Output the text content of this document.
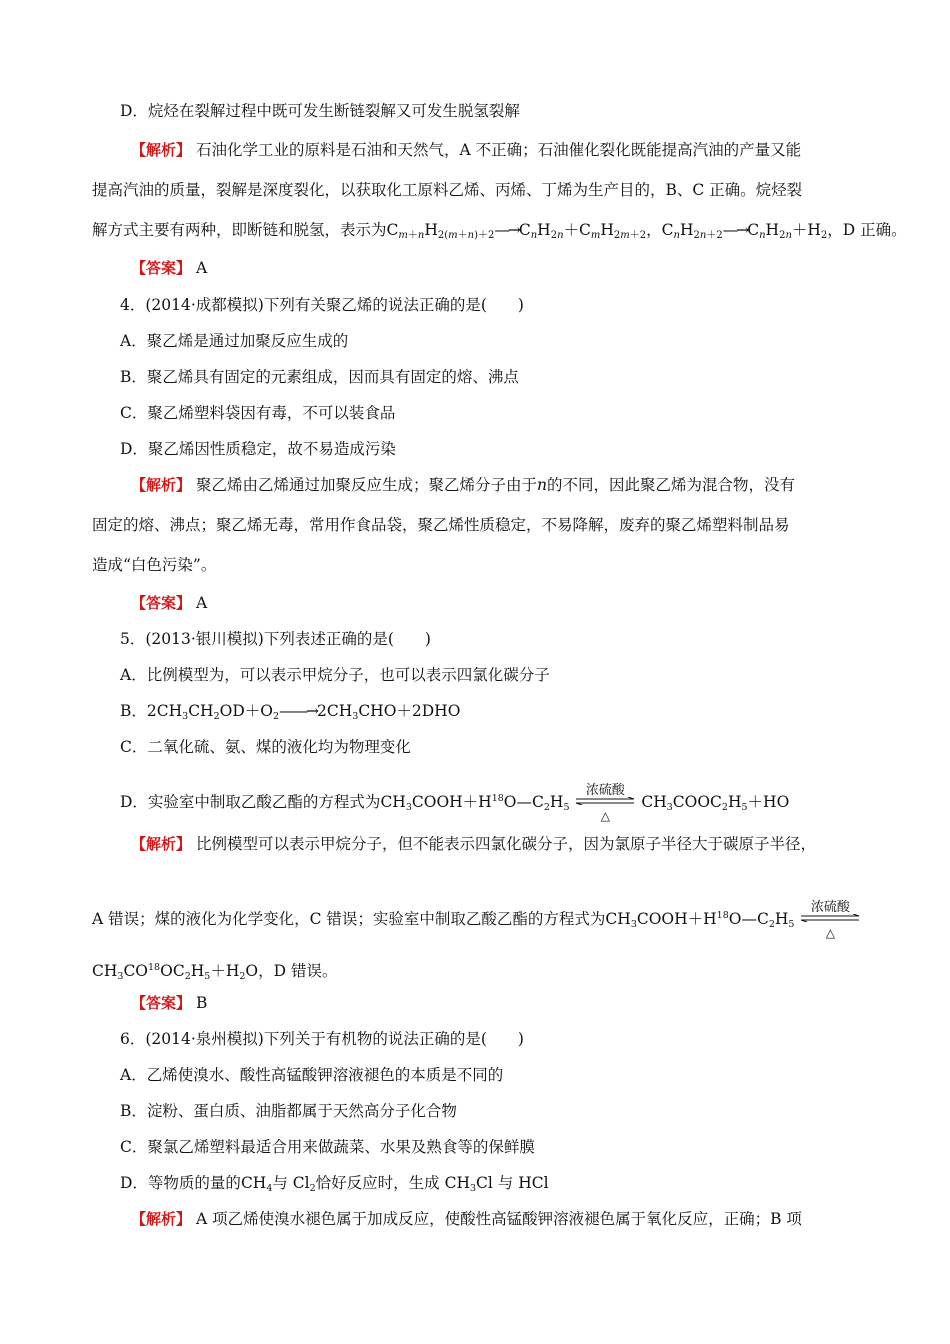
D．烷烃在裂解过程中既可发生断链裂解又可发生脱氢裂解
【解析】 石油化学工业的原料是石油和天然气，A 不正确；石油催化裂化既能提高汽油的产量又能
提高汽油的质量，裂解是深度裂化，以获取化工原料乙烯、丙烯、丁烯为生产目的，B、C 正确。烷烃裂
解方式主要有两种，即断链和脱氢，表示为Cm＋nH2(m＋n)＋2—→CnH2n＋CmH2m＋2，CnH2n＋2—→CnH2n＋H2，D 正确。
【答案】 A
4．(2014·成都模拟)下列有关聚乙烯的说法正确的是(　　)
A．聚乙烯是通过加聚反应生成的
B．聚乙烯具有固定的元素组成，因而具有固定的熔、沸点
C．聚乙烯塑料袋因有毒，不可以装食品
D．聚乙烯因性质稳定，故不易造成污染
【解析】 聚乙烯由乙烯通过加聚反应生成；聚乙烯分子由于n的不同，因此聚乙烯为混合物，没有
固定的熔、沸点；聚乙烯无毒，常用作食品袋，聚乙烯性质稳定，不易降解，废弃的聚乙烯塑料制品易
造成“白色污染”。
【答案】 A
5．(2013·银川模拟)下列表述正确的是(　　)
A．比例模型为，可以表示甲烷分子，也可以表示四氯化碳分子
B．$2CH_3CH_2OD+O_2——\to 2CH_3CHO+2DHO$
C．二氧化硫、氨、煤的液化均为物理变化
D．实验室中制取乙酸乙酯的方程式为$CH_3COOH+H^{18}O—C_2H_5$
浓硫酸
△
$CH_3COOC_2H_5+HO$
【解析】 比例模型可以表示甲烷分子，但不能表示四氯化碳分子，因为氯原子半径大于碳原子半径，
A 错误；煤的液化为化学变化，C 错误；实验室中制取乙酸乙酯的方程式为$CH_3COOH+H^{18}O—C_2H_5$
浓硫酸
△
$CH_3CO^{18}OC_2H_5+H_2O$，D 错误。
【答案】 B
6．(2014·泉州模拟)下列关于有机物的说法正确的是(　　)
A．乙烯使溴水、酸性高锰酸钾溶液褪色的本质是不同的
B．淀粉、蛋白质、油脂都属于天然高分子化合物
C．聚氯乙烯塑料最适合用来做蔬菜、水果及熟食等的保鲜膜
D．等物质的量的$CH_4$与 $Cl_2$恰好反应时，生成 $CH_3Cl$ 与 HCl
【解析】 A 项乙烯使溴水褪色属于加成反应，使酸性高锰酸钾溶液褪色属于氧化反应，正确；B 项
